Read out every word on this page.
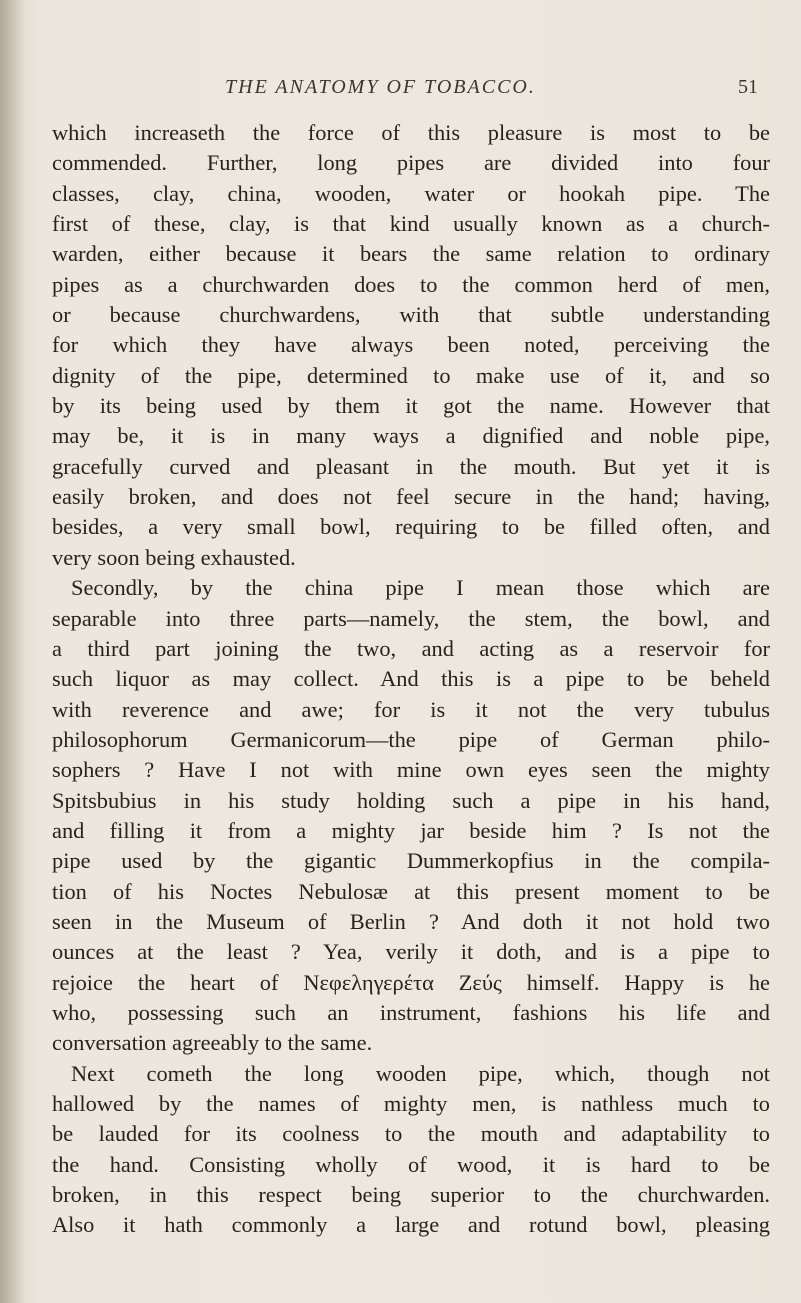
THE ANATOMY OF TOBACCO.	51
which increaseth the force of this pleasure is most to be
commended. Further, long pipes are divided into four
classes, clay, china, wooden, water or hookah pipe. The
first of these, clay, is that kind usually known as a church-
warden, either because it bears the same relation to ordinary
pipes as a churchwarden does to the common herd of men,
or because churchwardens, with that subtle understanding
for which they have always been noted, perceiving the
dignity of the pipe, determined to make use of it, and so
by its being used by them it got the name. However that
may be, it is in many ways a dignified and noble pipe,
gracefully curved and pleasant in the mouth. But yet it is
easily broken, and does not feel secure in the hand; having,
besides, a very small bowl, requiring to be filled often, and
very soon being exhausted.
Secondly, by the china pipe I mean those which are
separable into three parts—namely, the stem, the bowl, and
a third part joining the two, and acting as a reservoir for
such liquor as may collect. And this is a pipe to be beheld
with reverence and awe; for is it not the very tubulus
philosophorum Germanicorum—the pipe of German philo-
sophers ? Have I not with mine own eyes seen the mighty
Spitsbubius in his study holding such a pipe in his hand,
and filling it from a mighty jar beside him ? Is not the
pipe used by the gigantic Dummerkopfius in the compila-
tion of his Noctes Nebulosæ at this present moment to be
seen in the Museum of Berlin ? And doth it not hold two
ounces at the least ? Yea, verily it doth, and is a pipe to
rejoice the heart of Νεφεληγερέτα Ζεύς himself. Happy is he
who, possessing such an instrument, fashions his life and
conversation agreeably to the same.
Next cometh the long wooden pipe, which, though not
hallowed by the names of mighty men, is nathless much to
be lauded for its coolness to the mouth and adaptability to
the hand. Consisting wholly of wood, it is hard to be
broken, in this respect being superior to the churchwarden.
Also it hath commonly a large and rotund bowl, pleasing
